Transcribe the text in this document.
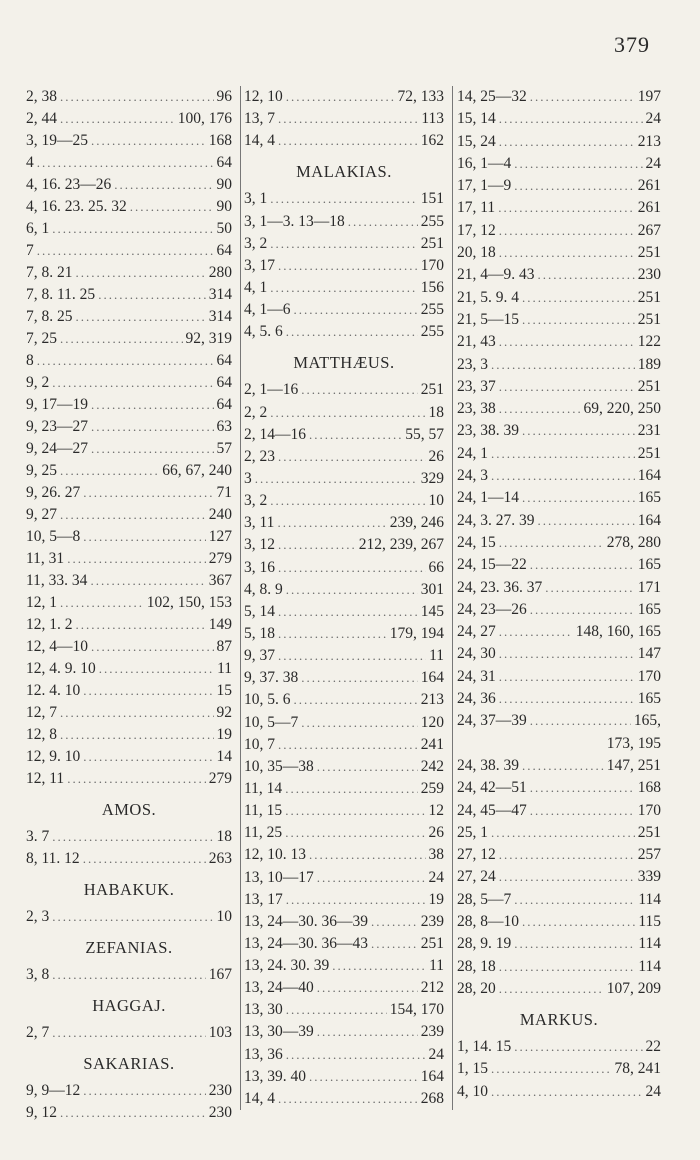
379
2, 38 .....	96
2, 44 .....	100, 176
3, 19—25 .....	168
4 .....	64
4, 16. 23—26 .....	90
4, 16. 23. 25. 32 .....	90
6, 1 .....	50
7 .....	64
7, 8. 21 .....	280
7, 8. 11. 25 .....	314
7, 8. 25 .....	314
7, 25 .....	92, 319
8 .....	64
9, 2 .....	64
9, 17—19 .....	64
9, 23—27 .....	63
9, 24—27 .....	57
9, 25 .....	66, 67, 240
9, 26. 27 .....	71
9, 27 .....	240
10, 5—8 .....	127
11, 31 .....	279
11, 33. 34 .....	367
12, 1 .....	102, 150, 153
12, 1. 2 .....	149
12, 4—10 .....	87
12, 4. 9. 10 .....	11
12. 4. 10 .....	15
12, 7 .....	92
12, 8 .....	19
12, 9. 10 .....	14
12, 11 .....	279
AMOS.
3. 7 .....	18
8, 11. 12 .....	263
HABAKUK.
2, 3 .....	10
ZEFANIAS.
3, 8 .....	167
HAGGAJ.
2, 7 .....	103
SAKARIAS.
9, 9—12 .....	230
9, 12 .....	230
12, 10 .....	72, 133
13, 7 .....	113
14, 4 .....	162
MALAKIAS.
3, 1 .....	151
3, 1—3. 13—18 .....	255
3, 2 .....	251
3, 17 .....	170
4, 1 .....	156
4, 1—6 .....	255
4, 5. 6 .....	255
MATTHÆUS.
2, 1—16 .....	251
2, 2 .....	18
2, 14—16 .....	55, 57
2, 23 .....	26
3 .....	329
3, 2 .....	10
3, 11 .....	239, 246
3, 12 .....	212, 239, 267
3, 16 .....	66
4, 8. 9 .....	301
5, 14 .....	145
5, 18 .....	179, 194
9, 37 .....	11
9, 37. 38 .....	164
10, 5. 6 .....	213
10, 5—7 .....	120
10, 7 .....	241
10, 35—38 .....	242
11, 14 .....	259
11, 15 .....	12
11, 25 .....	26
12, 10. 13 .....	38
13, 10—17 .....	24
13, 17 .....	19
13, 24—30. 36—39 .....	239
13, 24—30. 36—43 .....	251
13, 24. 30. 39 .....	11
13, 24—40 .....	212
13, 30 .....	154, 170
13, 30—39 .....	239
13, 36 .....	24
13, 39. 40 .....	164
14, 4 .....	268
14, 25—32 .....	197
15, 14 .....	24
15, 24 .....	213
16, 1—4 .....	24
17, 1—9 .....	261
17, 11 .....	261
17, 12 .....	267
20, 18 .....	251
21, 4—9. 43 .....	230
21, 5. 9. 4 .....	251
21, 5—15 .....	251
21, 43 .....	122
23, 3 .....	189
23, 37 .....	251
23, 38 .....	69, 220, 250
23, 38. 39 .....	231
24, 1 .....	251
24, 3 .....	164
24, 1—14 .....	165
24, 3. 27. 39 .....	164
24, 15 .....	278, 280
24, 15—22 .....	165
24, 23. 36. 37 .....	171
24, 23—26 .....	165
24, 27 .....	148, 160, 165
24, 30 .....	147
24, 31 .....	170
24, 36 .....	165
24, 37—39 .....	165,
173, 195
24, 38. 39 .....	147, 251
24, 42—51 .....	168
24, 45—47 .....	170
25, 1 .....	251
27, 12 .....	257
27, 24 .....	339
28, 5—7 .....	114
28, 8—10 .....	115
28, 9. 19 .....	114
28, 18 .....	114
28, 20 .....	107, 209
MARKUS.
1, 14. 15 .....	22
1, 15 .....	78, 241
4, 10 .....	24
